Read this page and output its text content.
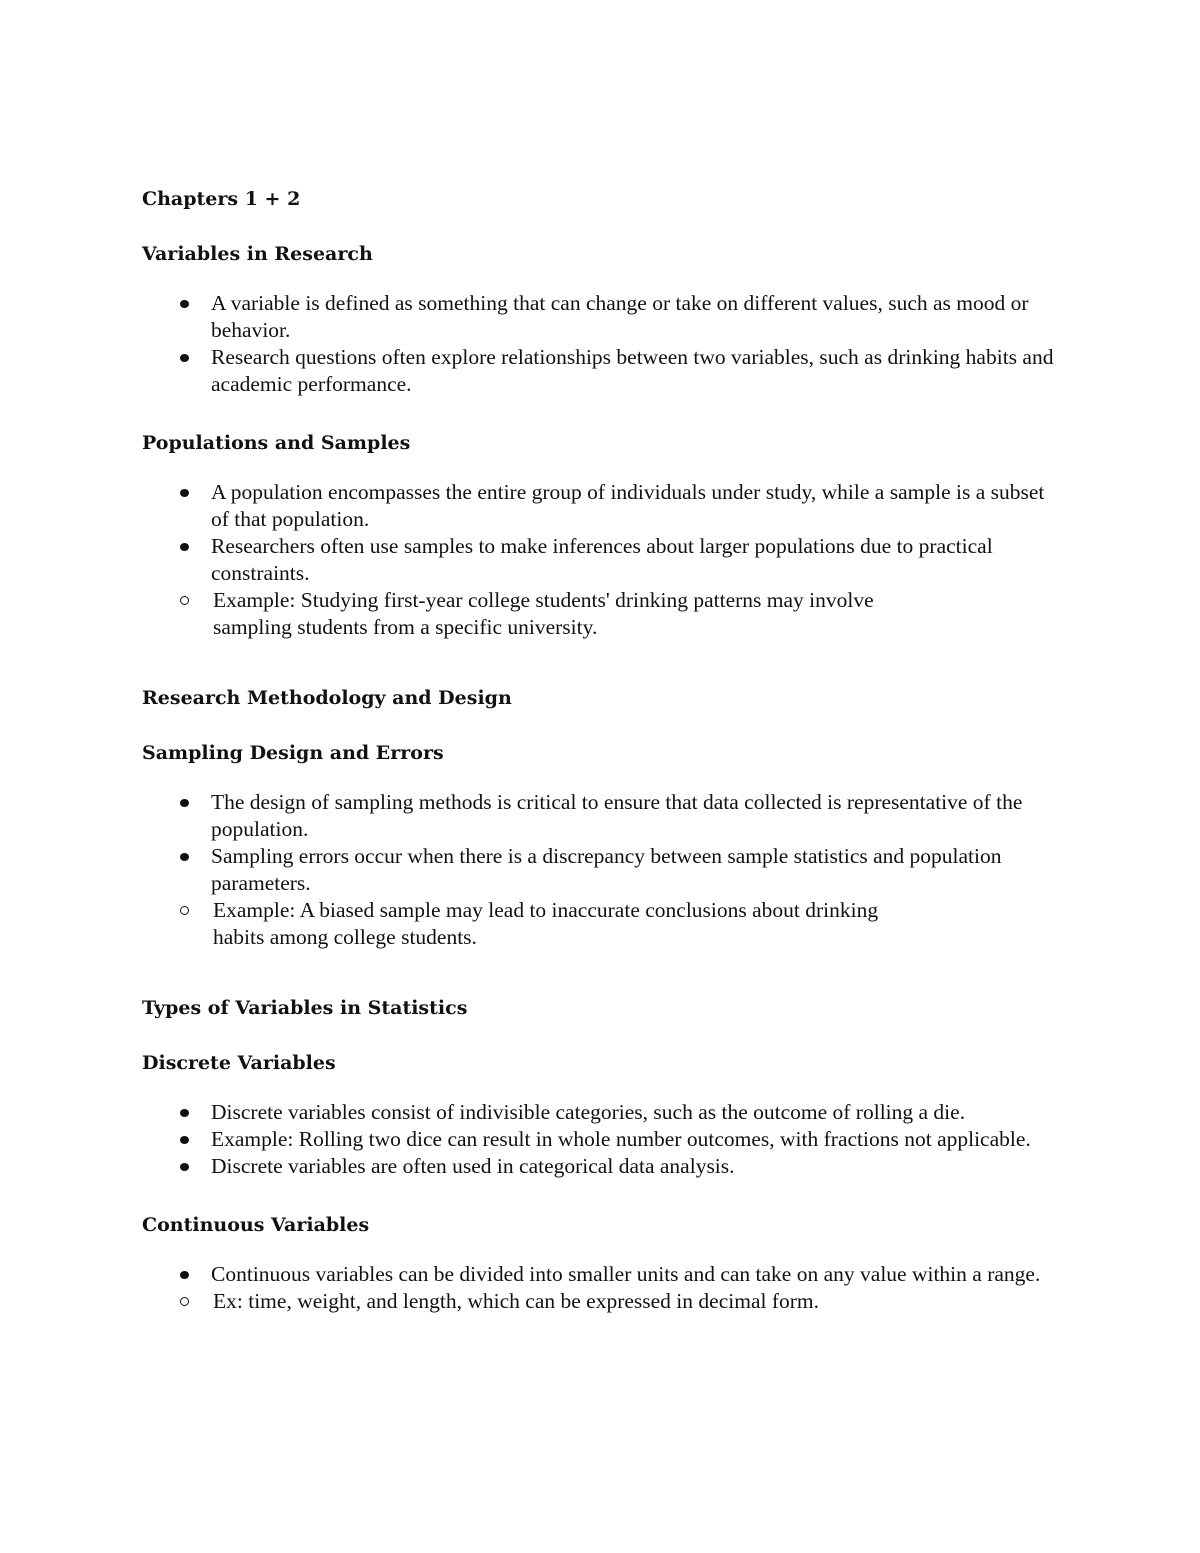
Chapters 1 + 2
Variables in Research
A variable is defined as something that can change or take on different values, such as mood or behavior.
Research questions often explore relationships between two variables, such as drinking habits and academic performance.
Populations and Samples
A population encompasses the entire group of individuals under study, while a sample is a subset of that population.
Researchers often use samples to make inferences about larger populations due to practical constraints.
Example: Studying first-year college students' drinking patterns may involve sampling students from a specific university.
Research Methodology and Design
Sampling Design and Errors
The design of sampling methods is critical to ensure that data collected is representative of the population.
Sampling errors occur when there is a discrepancy between sample statistics and population parameters.
Example: A biased sample may lead to inaccurate conclusions about drinking habits among college students.
Types of Variables in Statistics
Discrete Variables
Discrete variables consist of indivisible categories, such as the outcome of rolling a die.
Example: Rolling two dice can result in whole number outcomes, with fractions not applicable.
Discrete variables are often used in categorical data analysis.
Continuous Variables
Continuous variables can be divided into smaller units and can take on any value within a range.
Ex: time, weight, and length, which can be expressed in decimal form.
